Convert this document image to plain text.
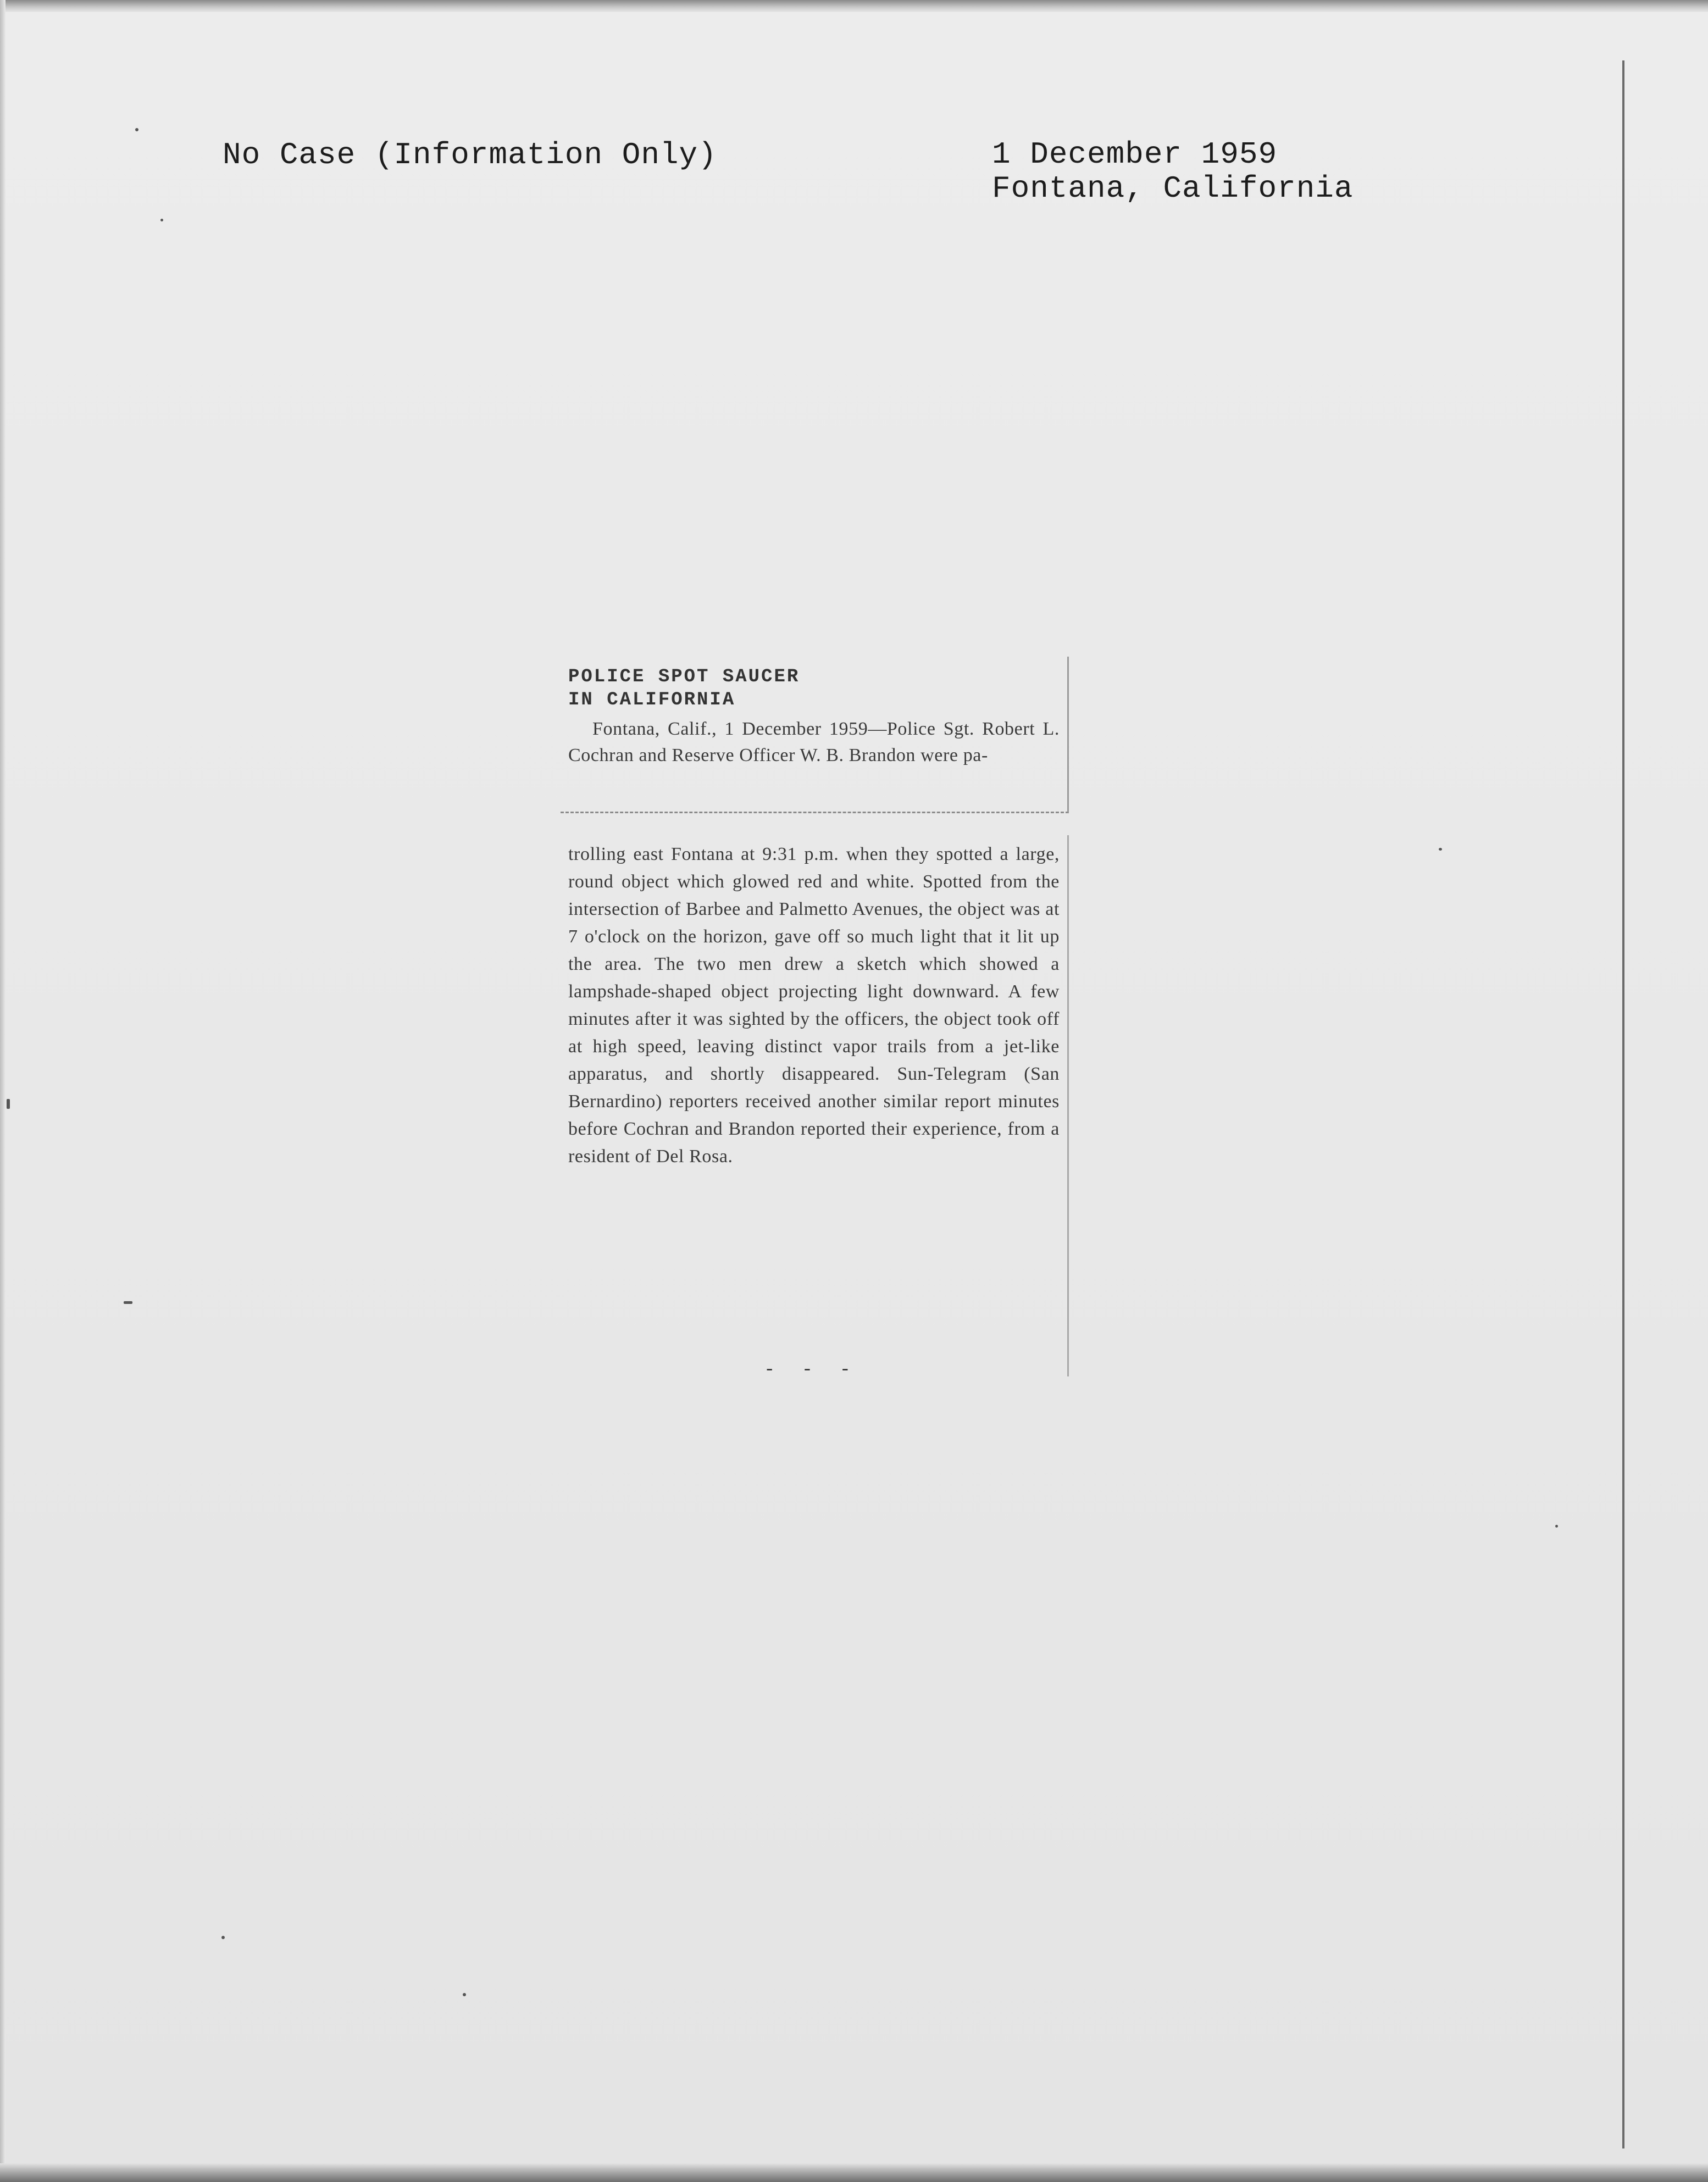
No Case (Information Only)	1 December 1959
Fontana, California
POLICE SPOT SAUCER
IN CALIFORNIA
Fontana, Calif., 1 December 1959—Police Sgt. Robert L. Cochran and Reserve Officer W. B. Brandon were pa-
trolling east Fontana at 9:31 p.m. when they spotted a large, round object which glowed red and white. Spotted from the intersection of Barbee and Palmetto Avenues, the object was at 7 o'clock on the horizon, gave off so much light that it lit up the area. The two men drew a sketch which showed a lampshade-shaped object projecting light downward. A few minutes after it was sighted by the officers, the object took off at high speed, leaving distinct vapor trails from a jet-like apparatus, and shortly disappeared. Sun-Telegram (San Bernardino) reporters received another similar report minutes before Cochran and Brandon reported their experience, from a resident of Del Rosa.
- - -
